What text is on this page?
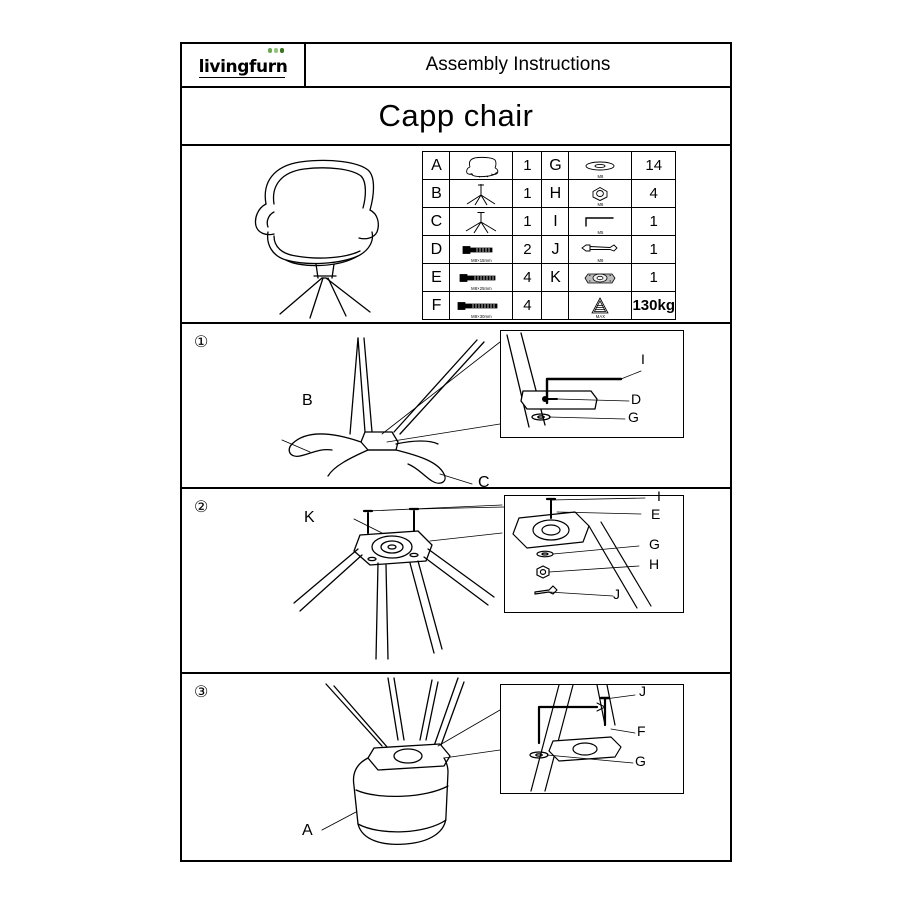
livingfurn	Assembly Instructions
Capp chair
A		1	G	M8	14
B		1	H	M8	4
C		1	I	M5	1
D	M8×15mm	2	J	M8	1
E	M8×25mm	4	K		1
F	M8×30mm	4		MAX	130kg
①
B
C
I
D
G
②
K
I
E
G
H
J
③
A
J
F
G
